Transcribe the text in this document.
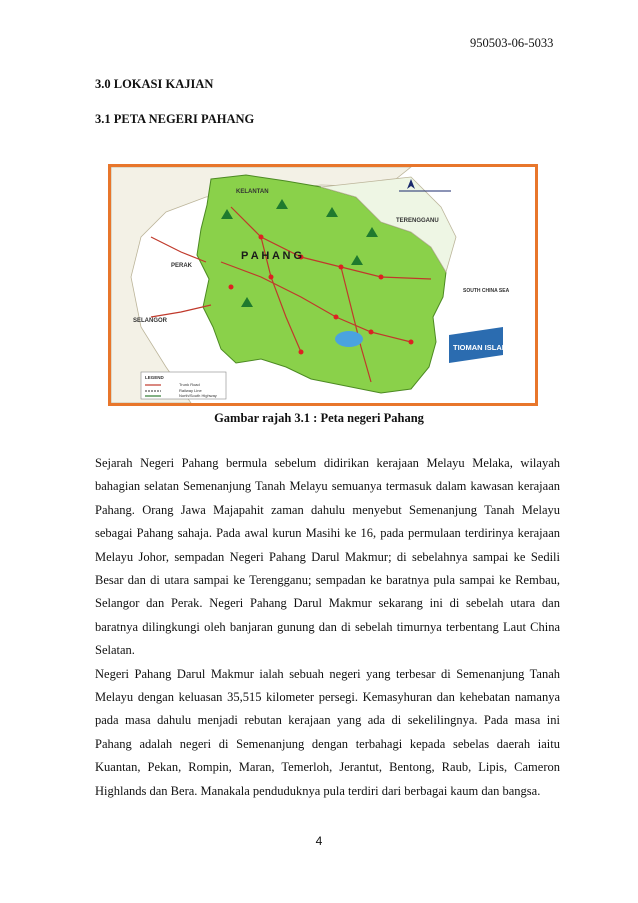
950503-06-5033
3.0 LOKASI KAJIAN
3.1 PETA NEGERI PAHANG
P A H A N G
KELANTAN
TERENGGANU
PERAK
SELANGOR
SOUTH CHINA SEA
TIOMAN ISLAND
LEGEND
Trunk Road
Railway Line
North/South Highway
Gambar rajah 3.1 : Peta negeri Pahang

Sejarah Negeri Pahang bermula sebelum didirikan kerajaan Melayu Melaka, wilayah bahagian selatan Semenanjung Tanah Melayu semuanya termasuk dalam kawasan kerajaan Pahang. Orang Jawa Majapahit zaman dahulu menyebut Semenanjung Tanah Melayu sebagai Pahang sahaja. Pada awal kurun Masihi ke 16, pada permulaan terdirinya kerajaan Melayu Johor, sempadan Negeri Pahang Darul Makmur; di sebelahnya sampai ke Sedili Besar dan di utara sampai ke Terengganu; sempadan ke baratnya pula sampai ke Rembau, Selangor dan Perak. Negeri Pahang Darul Makmur sekarang ini di sebelah utara dan baratnya dilingkungi oleh banjaran gunung dan di sebelah timurnya terbentang Laut China Selatan.

Negeri Pahang Darul Makmur ialah sebuah negeri yang terbesar di Semenanjung Tanah Melayu dengan keluasan 35,515 kilometer persegi. Kemasyhuran dan kehebatan namanya pada masa dahulu menjadi rebutan kerajaan yang ada di sekelilingnya. Pada masa ini Pahang adalah negeri di Semenanjung dengan terbahagi kepada sebelas daerah iaitu Kuantan, Pekan, Rompin, Maran, Temerloh, Jerantut, Bentong, Raub, Lipis, Cameron Highlands dan Bera. Manakala penduduknya pula terdiri dari berbagai kaum dan bangsa.

4
